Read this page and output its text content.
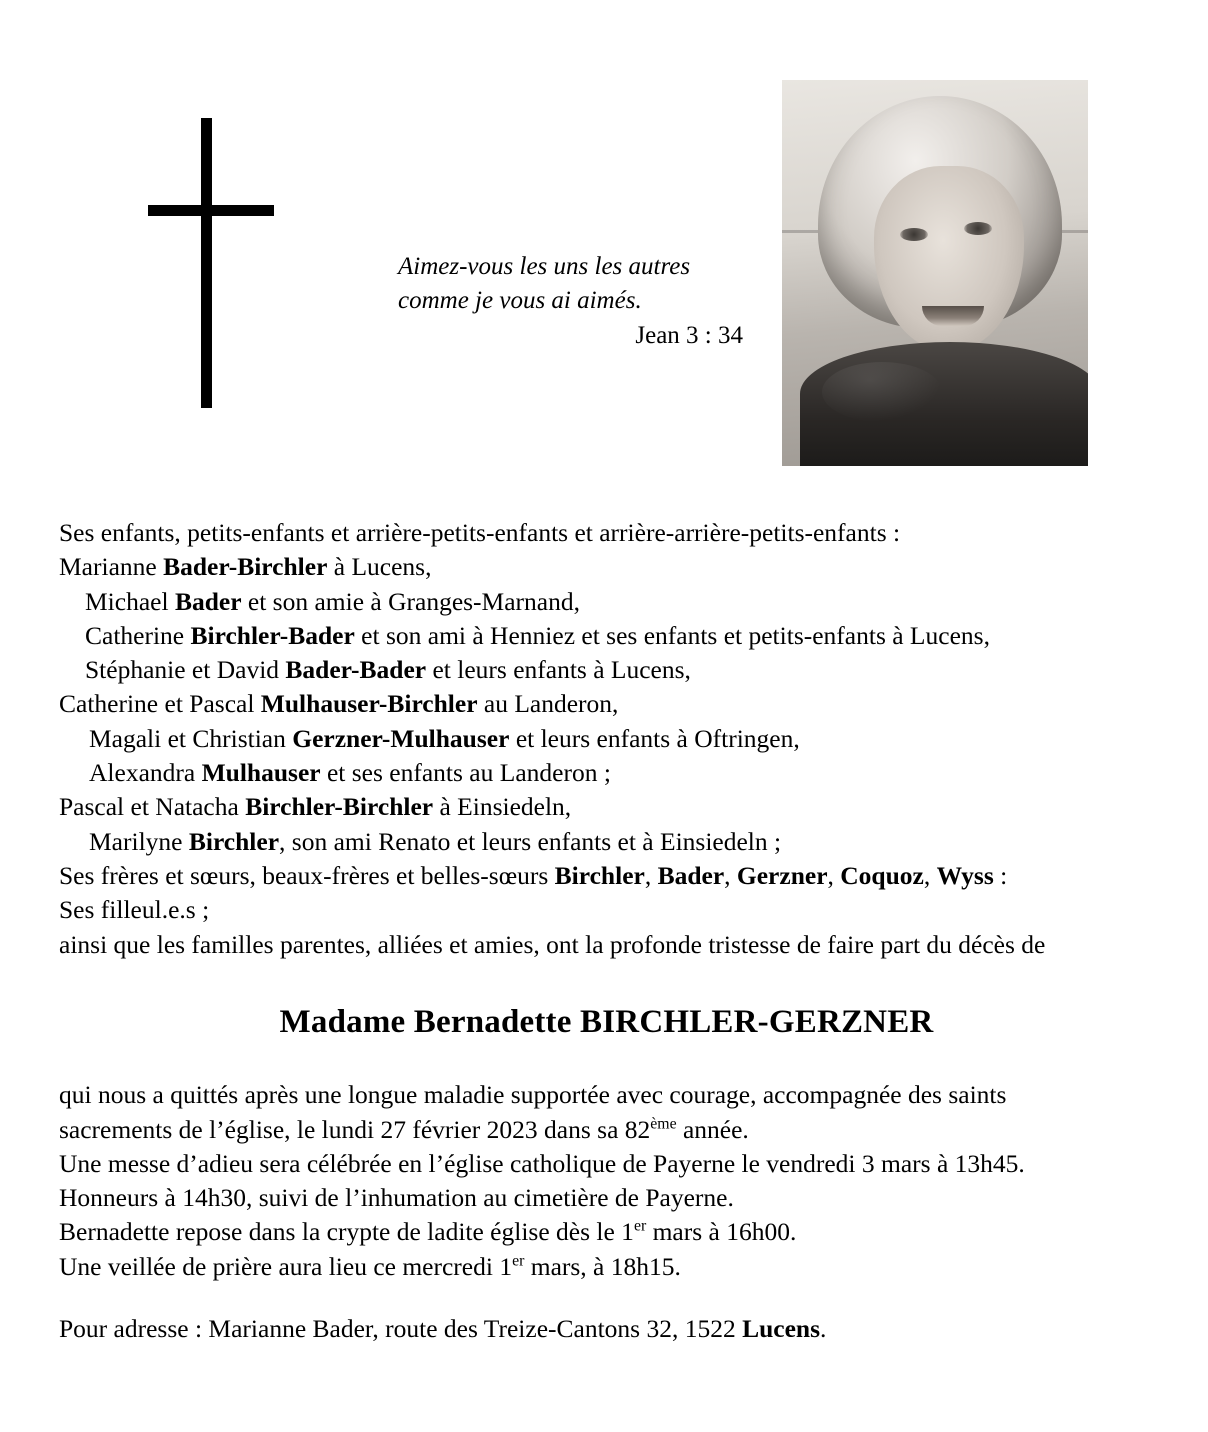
Aimez-vous les uns les autres
comme je vous ai aimés.
Jean 3 : 34

Ses enfants, petits-enfants et arrière-petits-enfants et arrière-arrière-petits-enfants :

Marianne Bader-Birchler à Lucens,

Michael Bader et son amie à Granges-Marnand,

Catherine Birchler-Bader et son ami à Henniez et ses enfants et petits-enfants à Lucens,

Stéphanie et David Bader-Bader et leurs enfants à Lucens,

Catherine et Pascal Mulhauser-Birchler au Landeron,

Magali et Christian Gerzner-Mulhauser et leurs enfants à Oftringen,

Alexandra Mulhauser et ses enfants au Landeron ;

Pascal et Natacha Birchler-Birchler à Einsiedeln,

Marilyne Birchler, son ami Renato et leurs enfants et à Einsiedeln ;

Ses frères et sœurs, beaux-frères et belles-sœurs Birchler, Bader, Gerzner, Coquoz, Wyss :

Ses filleul.e.s ;

ainsi que les familles parentes, alliées et amies, ont la profonde tristesse de faire part du décès de

Madame Bernadette BIRCHLER-GERZNER

qui nous a quittés après une longue maladie supportée avec courage, accompagnée des saints

sacrements de l’église, le lundi 27 février 2023 dans sa 82ème année.

Une messe d’adieu sera célébrée en l’église catholique de Payerne le vendredi 3 mars à 13h45.

Honneurs à 14h30, suivi de l’inhumation au cimetière de Payerne.

Bernadette repose dans la crypte de ladite église dès le 1er mars à 16h00.

Une veillée de prière aura lieu ce mercredi 1er mars, à 18h15.

Pour adresse : Marianne Bader, route des Treize-Cantons 32, 1522 Lucens.
